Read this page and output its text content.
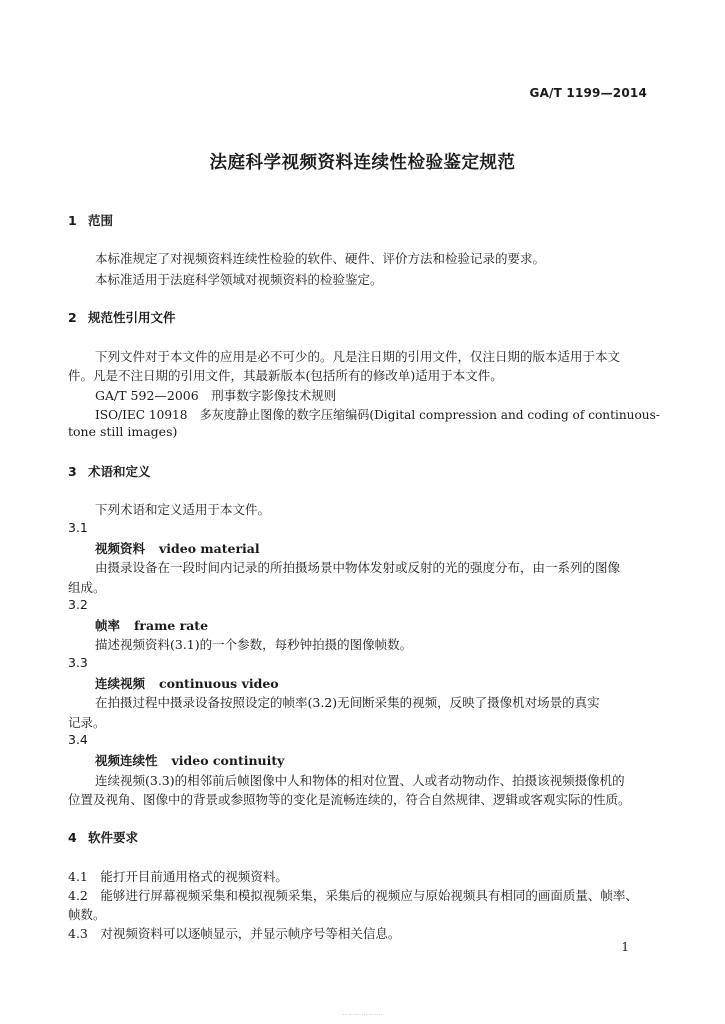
GA/T 1199—2014
法庭科学视频资料连续性检验鉴定规范
1 范围
本标准规定了对视频资料连续性检验的软件、硬件、评价方法和检验记录的要求。
本标准适用于法庭科学领域对视频资料的检验鉴定。
2 规范性引用文件
下列文件对于本文件的应用是必不可少的。凡是注日期的引用文件，仅注日期的版本适用于本文
件。凡是不注日期的引用文件，其最新版本(包括所有的修改单)适用于本文件。
GA/T 592—2006　刑事数字影像技术规则
ISO/IEC 10918　多灰度静止图像的数字压缩编码(Digital compression and coding of continuous-
tone still images)
3 术语和定义
下列术语和定义适用于本文件。
3.1
视频资料 video material
由摄录设备在一段时间内记录的所拍摄场景中物体发射或反射的光的强度分布，由一系列的图像
组成。
3.2
帧率 frame rate
描述视频资料(3.1)的一个参数，每秒钟拍摄的图像帧数。
3.3
连续视频 continuous video
在拍摄过程中摄录设备按照设定的帧率(3.2)无间断采集的视频，反映了摄像机对场景的真实
记录。
3.4
视频连续性 video continuity
连续视频(3.3)的相邻前后帧图像中人和物体的相对位置、人或者动物动作、拍摄该视频摄像机的
位置及视角、图像中的背景或参照物等的变化是流畅连续的，符合自然规律、逻辑或客观实际的性质。
4 软件要求
4.1　能打开目前通用格式的视频资料。
4.2　能够进行屏幕视频采集和模拟视频采集，采集后的视频应与原始视频具有相同的画面质量、帧率、
帧数。
4.3　对视频资料可以逐帧显示，并显示帧序号等相关信息。
1
·· ·· ··· ··· ·· ····
